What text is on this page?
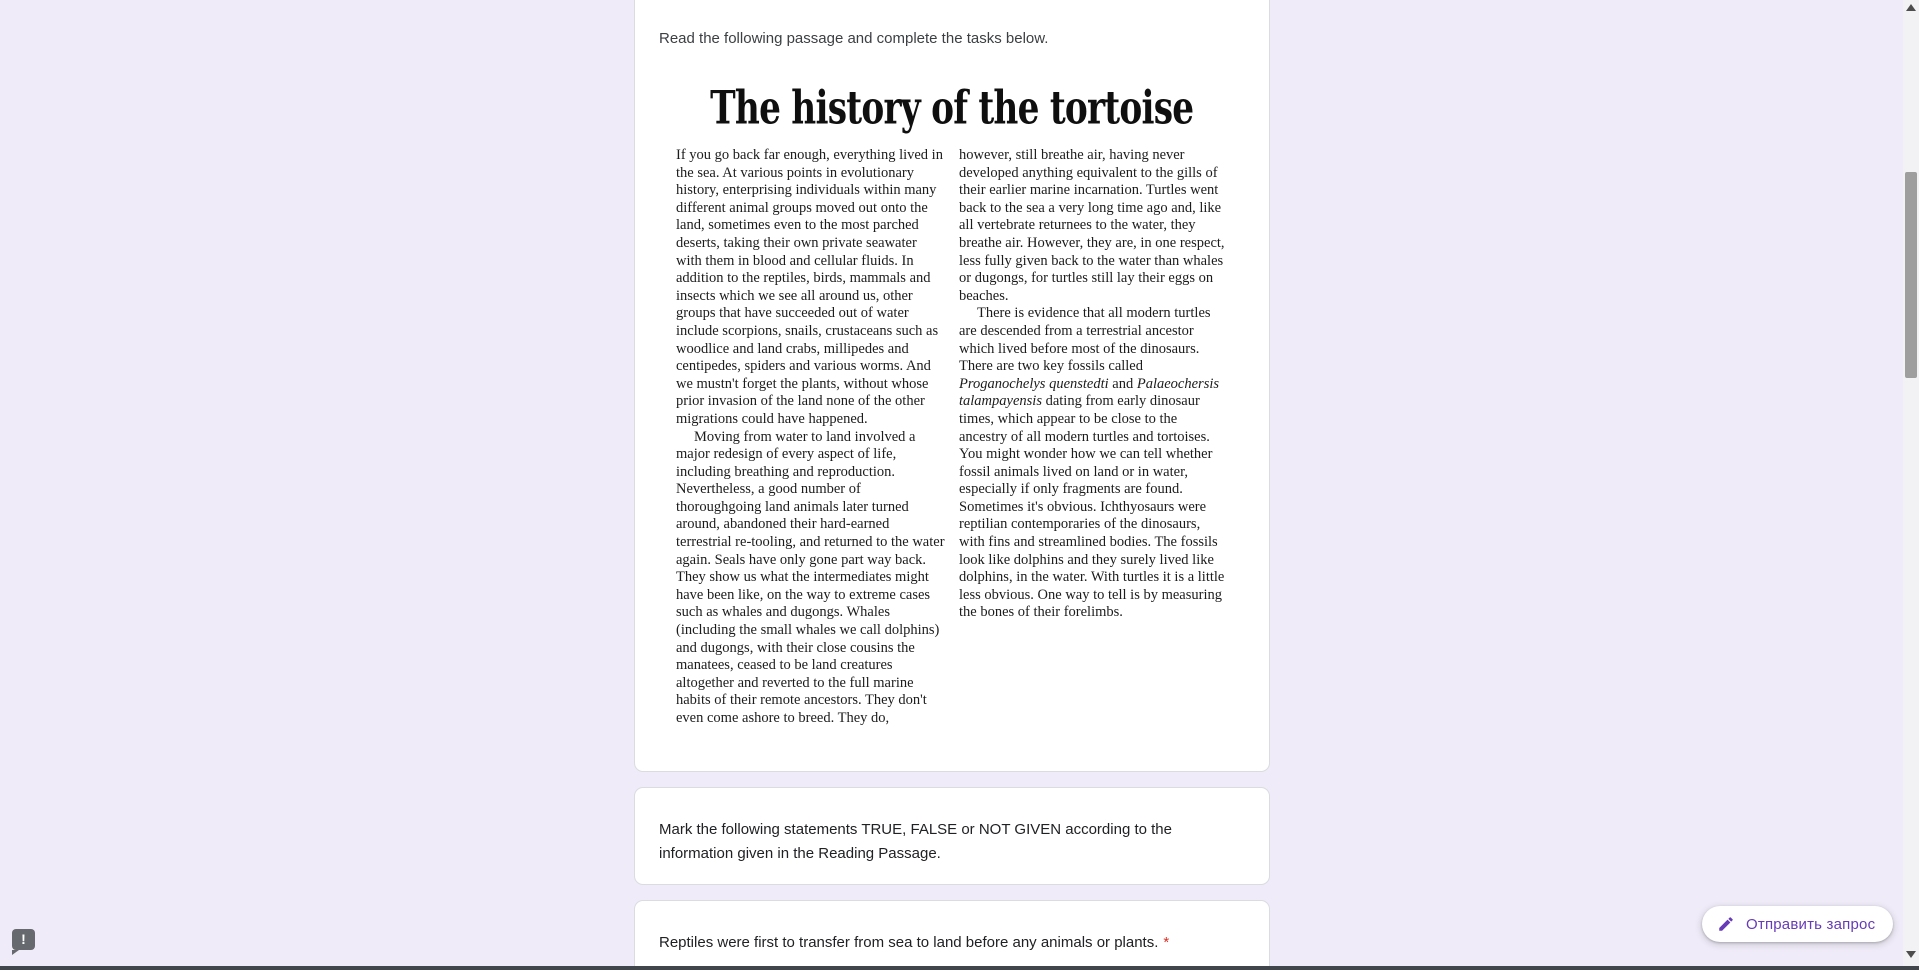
Read the following passage and complete the tasks below.
The history of the tortoise

If you go back far enough, everything lived in the sea. At various points in evolutionary history, enterprising individuals within many different animal groups moved out onto the land, sometimes even to the most parched deserts, taking their own private seawater with them in blood and cellular fluids. In addition to the reptiles, birds, mammals and insects which we see all around us, other groups that have succeeded out of water include scorpions, snails, crustaceans such as woodlice and land crabs, millipedes and centipedes, spiders and various worms. And we mustn't forget the plants, without whose prior invasion of the land none of the other migrations could have happened.

Moving from water to land involved a major redesign of every aspect of life, including breathing and reproduction. Nevertheless, a good number of thoroughgoing land animals later turned around, abandoned their hard-earned terrestrial re-tooling, and returned to the water again. Seals have only gone part way back. They show us what the intermediates might have been like, on the way to extreme cases such as whales and dugongs. Whales (including the small whales we call dolphins) and dugongs, with their close cousins the manatees, ceased to be land creatures altogether and reverted to the full marine habits of their remote ancestors. They don't even come ashore to breed. They do, however, still breathe air, having never developed anything equivalent to the gills of their earlier marine incarnation. Turtles went back to the sea a very long time ago and, like all vertebrate returnees to the water, they breathe air. However, they are, in one respect, less fully given back to the water than whales or dugongs, for turtles still lay their eggs on beaches.

There is evidence that all modern turtles are descended from a terrestrial ancestor which lived before most of the dinosaurs. There are two key fossils called Proganochelys quenstedti and Palaeochersis talampayensis dating from early dinosaur times, which appear to be close to the ancestry of all modern turtles and tortoises. You might wonder how we can tell whether fossil animals lived on land or in water, especially if only fragments are found. Sometimes it's obvious. Ichthyosaurs were reptilian contemporaries of the dinosaurs, with fins and streamlined bodies. The fossils look like dolphins and they surely lived like dolphins, in the water. With turtles it is a little less obvious. One way to tell is by measuring the bones of their forelimbs.

Mark the following statements TRUE, FALSE or NOT GIVEN according to the information given in the Reading Passage.
Reptiles were first to transfer from sea to land before any animals or plants. *
Отправить запрос
!
